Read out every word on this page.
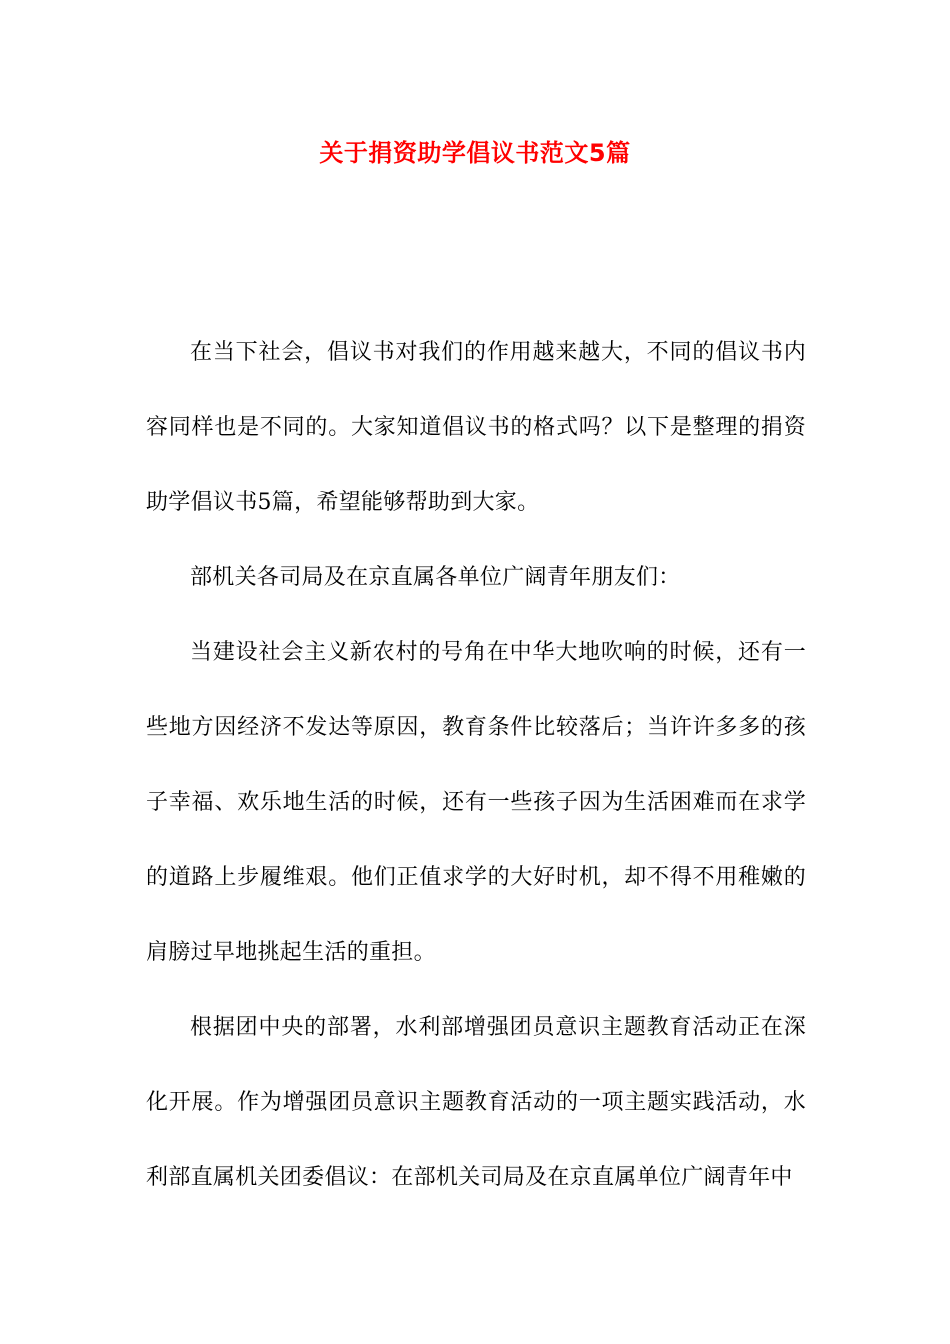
关于捐资助学倡议书范文5篇

在当下社会，倡议书对我们的作用越来越大，不同的倡议书内容同样也是不同的。大家知道倡议书的格式吗？以下是整理的捐资助学倡议书5篇，希望能够帮助到大家。

部机关各司局及在京直属各单位广阔青年朋友们：

当建设社会主义新农村的号角在中华大地吹响的时候，还有一些地方因经济不发达等原因，教育条件比较落后；当许许多多的孩子幸福、欢乐地生活的时候，还有一些孩子因为生活困难而在求学的道路上步履维艰。他们正值求学的大好时机，却不得不用稚嫩的肩膀过早地挑起生活的重担。

根据团中央的部署，水利部增强团员意识主题教育活动正在深化开展。作为增强团员意识主题教育活动的一项主题实践活动，水利部直属机关团委倡议：在部机关司局及在京直属单位广阔青年中
